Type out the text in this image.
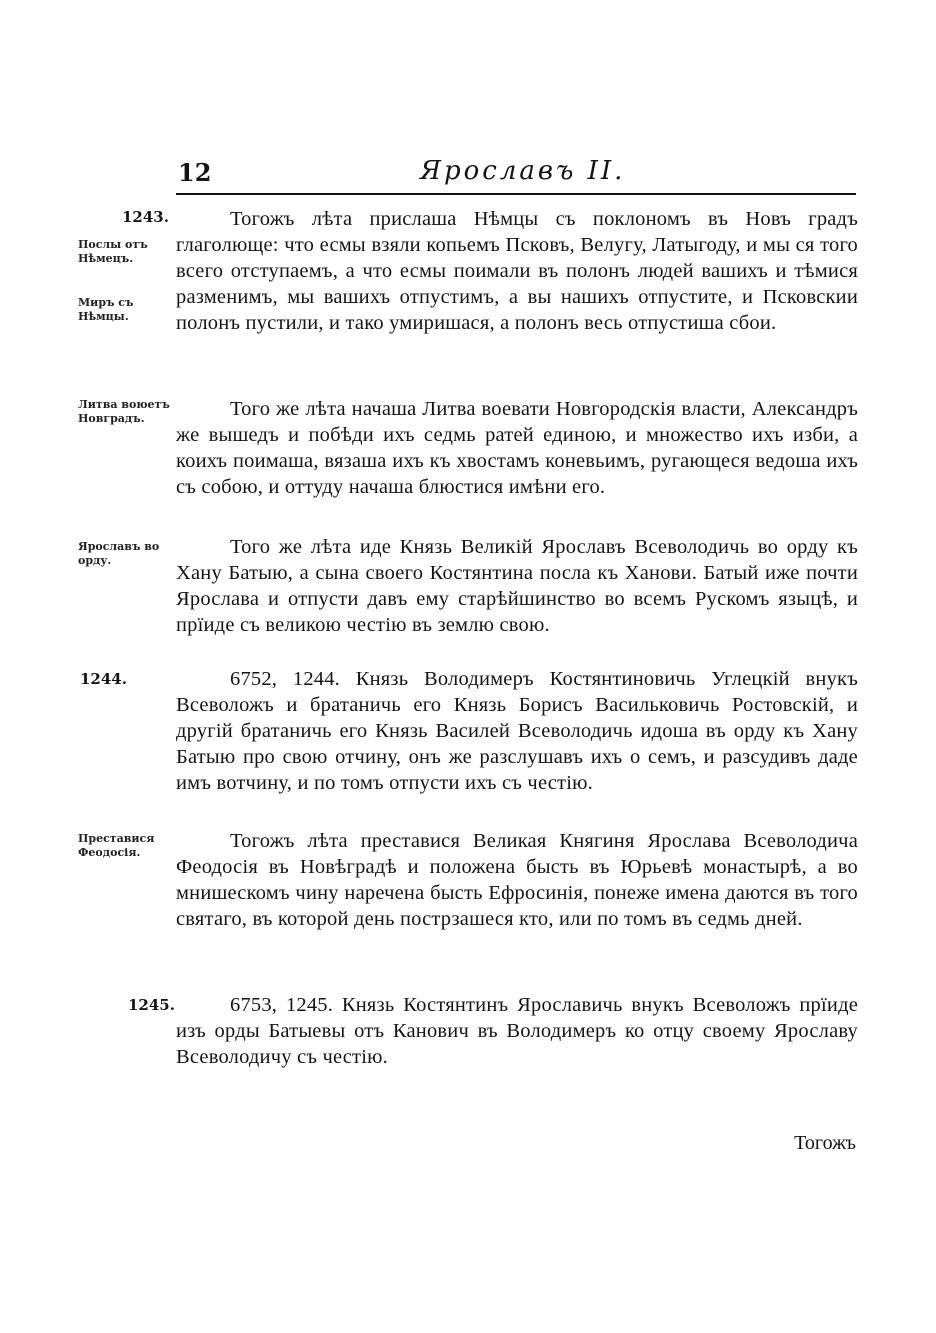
12	Ярославъ II.
1243.
Послы отъ Нѣмецъ.
Миръ съ Нѣмцы.

Тогожъ лѣта прислаша Нѣмцы съ поклономъ въ Новъ градъ глаголюще: что есмы взяли копьемъ Псковъ, Велугу, Латыгоду, и мы ся того всего отступаемъ, а что есмы поимали въ полонъ людей вашихъ и тѣмися разменимъ, мы вашихъ отпустимъ, а вы нашихъ отпустите, и Псковскии полонъ пустили, и тако умиришася, а полонъ весь отпустиша сбои.

Литва воюетъ Новградъ.	Того же лѣта начаша Литва воевати Новгородскія власти, Александръ же вышедъ и побѣди ихъ седмь ратей единою, и множество ихъ изби, а коихъ поимаша, вязаша ихъ къ хвостамъ коневьимъ, ругающеся ведоша ихъ съ собою, и оттуду начаша блюстися имѣни его.

Ярославъ во орду.

Того же лѣта иде Князь Великій Ярославъ Всеволодичь во орду къ Хану Батыю, а сына своего Костянтина посла къ Ханови. Батый иже почти Ярослава и отпусти давъ ему старѣйшинство во всемъ Рускомъ языцѣ, и прїиде съ великою честію въ землю свою.

1244.	6752, 1244. Князь Володимеръ Костянтиновичь Углецкій внукъ Всеволожъ и братаничь его Князь Борисъ Васильковичь Ростовскій, и другій братаничь его Князь Василей Всеволодичь идоша въ орду къ Хану Батыю про свою отчину, онъ же разслушавъ ихъ о семъ, и разсудивъ даде имъ вотчину, и по томъ отпусти ихъ съ честію.

Преставися Феодосія.

Тогожъ лѣта преставися Великая Княгиня Ярослава Всеволодича Феодосія въ Новѣградѣ и положена бысть въ Юрьевѣ монастырѣ, а во мнишескомъ чину наречена бысть Ефросинія, понеже имена даются въ того святаго, въ которой день пострзашеся кто, или по томъ въ седмь дней.

1245.	6753, 1245. Князь Костянтинъ Ярославичь внукъ Всеволожъ прїиде изъ орды Батыевы отъ Канович въ Володимеръ ко отцу своему Ярославу Всеволодичу съ честію.

Тогожъ
